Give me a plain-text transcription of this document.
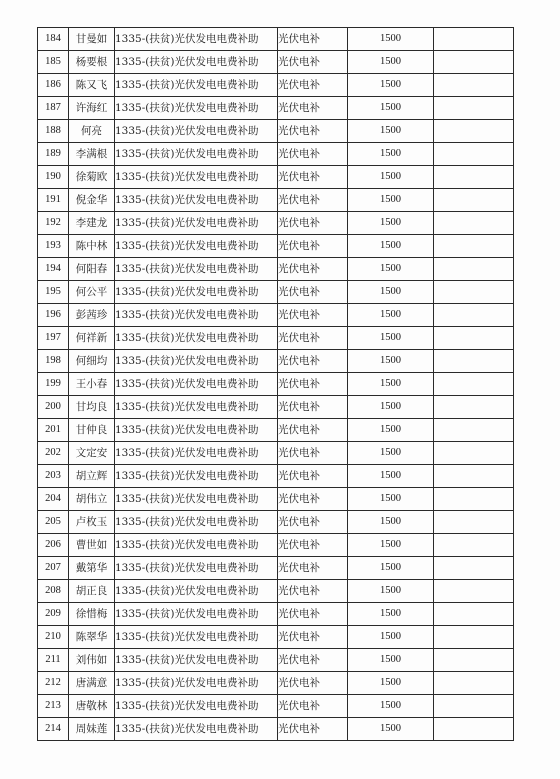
184	甘曼如	1335-(扶贫)光伏发电电费补助	光伏电补	1500	
185	杨要根	1335-(扶贫)光伏发电电费补助	光伏电补	1500	
186	陈又飞	1335-(扶贫)光伏发电电费补助	光伏电补	1500	
187	许海红	1335-(扶贫)光伏发电电费补助	光伏电补	1500	
188	何亮	1335-(扶贫)光伏发电电费补助	光伏电补	1500	
189	李满根	1335-(扶贫)光伏发电电费补助	光伏电补	1500	
190	徐菊欧	1335-(扶贫)光伏发电电费补助	光伏电补	1500	
191	倪金华	1335-(扶贫)光伏发电电费补助	光伏电补	1500	
192	李建龙	1335-(扶贫)光伏发电电费补助	光伏电补	1500	
193	陈中林	1335-(扶贫)光伏发电电费补助	光伏电补	1500	
194	何阳春	1335-(扶贫)光伏发电电费补助	光伏电补	1500	
195	何公平	1335-(扶贫)光伏发电电费补助	光伏电补	1500	
196	彭茜珍	1335-(扶贫)光伏发电电费补助	光伏电补	1500	
197	何祥新	1335-(扶贫)光伏发电电费补助	光伏电补	1500	
198	何细均	1335-(扶贫)光伏发电电费补助	光伏电补	1500	
199	王小春	1335-(扶贫)光伏发电电费补助	光伏电补	1500	
200	甘均良	1335-(扶贫)光伏发电电费补助	光伏电补	1500	
201	甘仲良	1335-(扶贫)光伏发电电费补助	光伏电补	1500	
202	文定安	1335-(扶贫)光伏发电电费补助	光伏电补	1500	
203	胡立辉	1335-(扶贫)光伏发电电费补助	光伏电补	1500	
204	胡伟立	1335-(扶贫)光伏发电电费补助	光伏电补	1500	
205	卢枚玉	1335-(扶贫)光伏发电电费补助	光伏电补	1500	
206	曹世如	1335-(扶贫)光伏发电电费补助	光伏电补	1500	
207	戴第华	1335-(扶贫)光伏发电电费补助	光伏电补	1500	
208	胡正良	1335-(扶贫)光伏发电电费补助	光伏电补	1500	
209	徐惜梅	1335-(扶贫)光伏发电电费补助	光伏电补	1500	
210	陈翠华	1335-(扶贫)光伏发电电费补助	光伏电补	1500	
211	刘伟如	1335-(扶贫)光伏发电电费补助	光伏电补	1500	
212	唐满意	1335-(扶贫)光伏发电电费补助	光伏电补	1500	
213	唐敬林	1335-(扶贫)光伏发电电费补助	光伏电补	1500	
214	周妹莲	1335-(扶贫)光伏发电电费补助	光伏电补	1500	
